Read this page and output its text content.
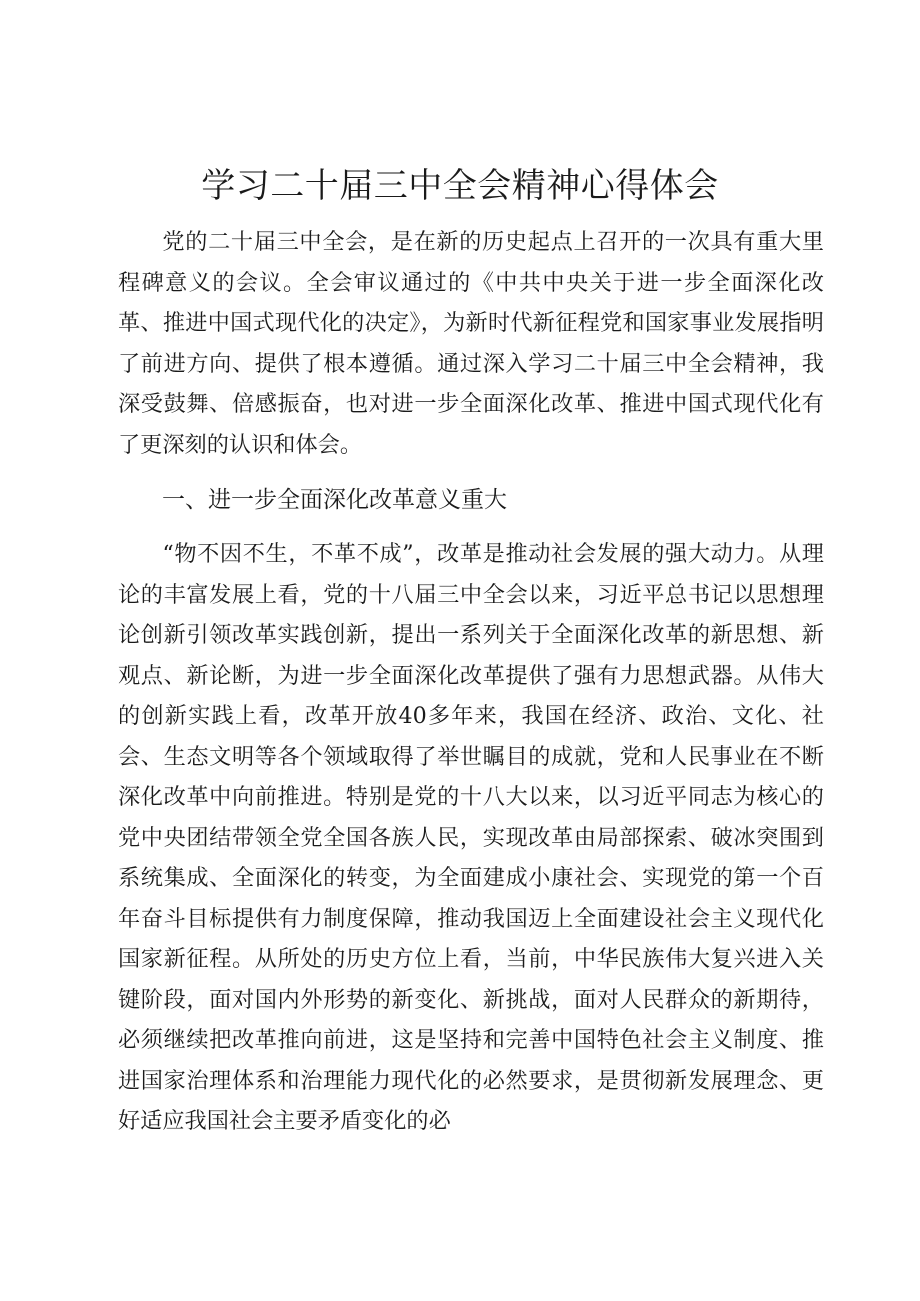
学习二十届三中全会精神心得体会

党的二十届三中全会，是在新的历史起点上召开的一次具有重大里程碑意义的会议。全会审议通过的《中共中央关于进一步全面深化改革、推进中国式现代化的决定》，为新时代新征程党和国家事业发展指明了前进方向、提供了根本遵循。通过深入学习二十届三中全会精神，我深受鼓舞、倍感振奋，也对进一步全面深化改革、推进中国式现代化有了更深刻的认识和体会。

一、进一步全面深化改革意义重大

“物不因不生，不革不成”，改革是推动社会发展的强大动力。从理论的丰富发展上看，党的十八届三中全会以来，习近平总书记以思想理论创新引领改革实践创新，提出一系列关于全面深化改革的新思想、新观点、新论断，为进一步全面深化改革提供了强有力思想武器。从伟大的创新实践上看，改革开放40多年来，我国在经济、政治、文化、社会、生态文明等各个领域取得了举世瞩目的成就，党和人民事业在不断深化改革中向前推进。特别是党的十八大以来，以习近平同志为核心的党中央团结带领全党全国各族人民，实现改革由局部探索、破冰突围到系统集成、全面深化的转变，为全面建成小康社会、实现党的第一个百年奋斗目标提供有力制度保障，推动我国迈上全面建设社会主义现代化国家新征程。从所处的历史方位上看，当前，中华民族伟大复兴进入关键阶段，面对国内外形势的新变化、新挑战，面对人民群众的新期待，必须继续把改革推向前进，这是坚持和完善中国特色社会主义制度、推进国家治理体系和治理能力现代化的必然要求，是贯彻新发展理念、更好适应我国社会主要矛盾变化的必
